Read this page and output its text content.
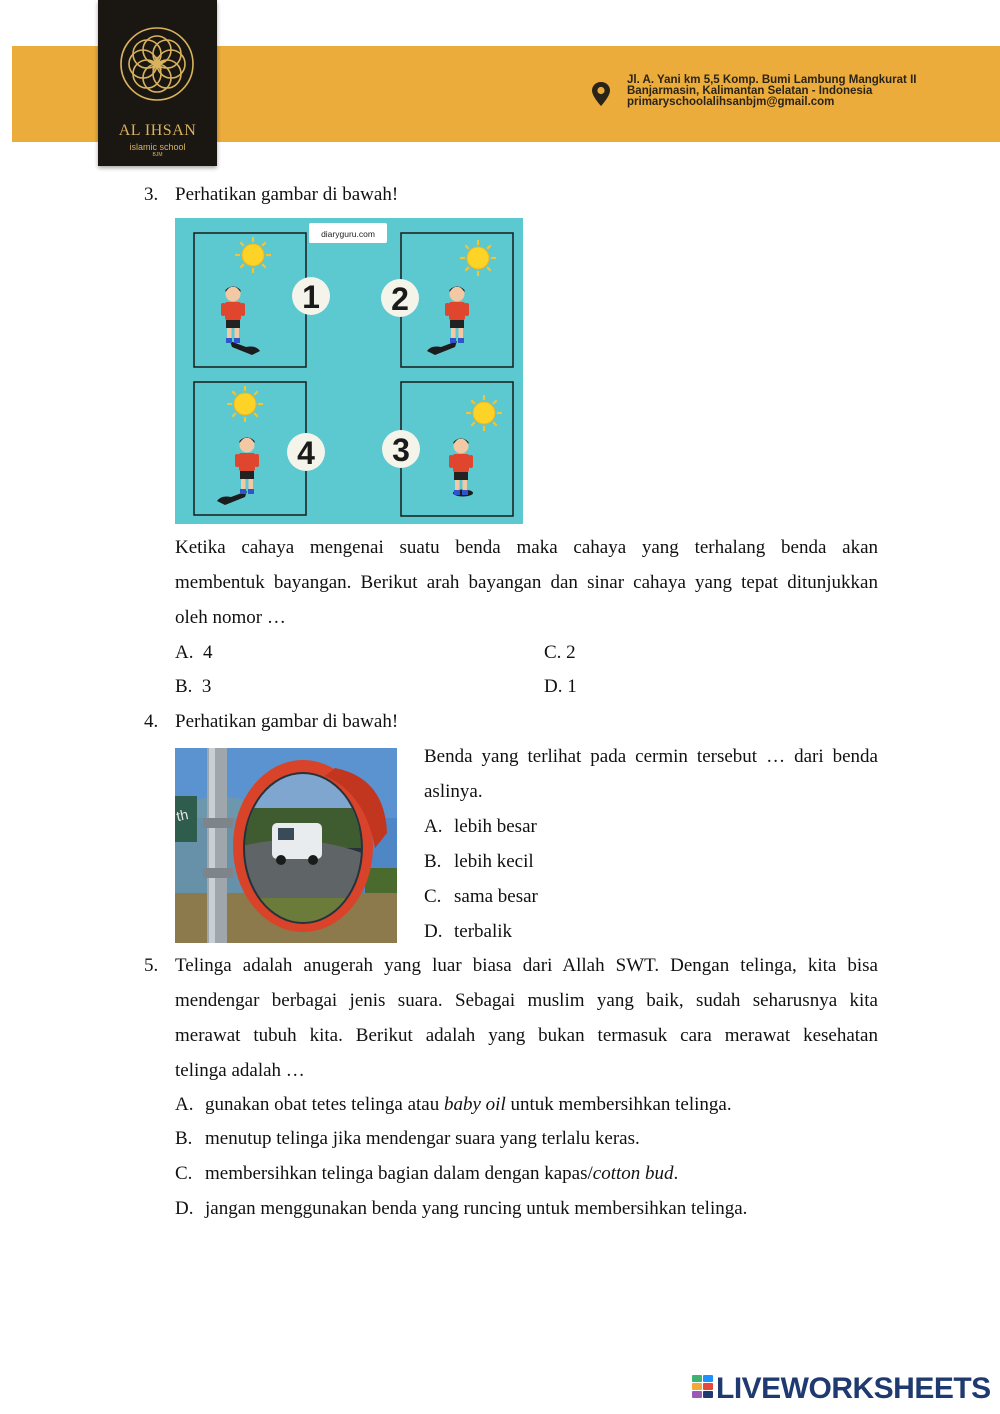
AL IHSAN
islamic school
BJM
Jl. A. Yani km 5,5 Komp. Bumi Lambung Mangkurat II
Banjarmasin, Kalimantan Selatan - Indonesia
primaryschoolalihsanbjm@gmail.com
3. Perhatikan gambar di bawah!
diaryguru.com
1 2
4 3
Ketika cahaya mengenai suatu benda maka cahaya yang terhalang benda akan
membentuk bayangan. Berikut arah bayangan dan sinar cahaya yang tepat ditunjukkan
oleh nomor …
A.  4	C. 2
B.  3	D. 1
4. Perhatikan gambar di bawah!
th
Benda yang terlihat pada cermin tersebut … dari benda
aslinya.
A. lebih besar
B. lebih kecil
C. sama besar
D. terbalik
5. Telinga adalah anugerah yang luar biasa dari Allah SWT. Dengan telinga, kita bisa
mendengar berbagai jenis suara. Sebagai muslim yang baik, sudah seharusnya kita
merawat tubuh kita. Berikut adalah yang bukan termasuk cara merawat kesehatan
telinga adalah …
A. gunakan obat tetes telinga atau baby oil untuk membersihkan telinga.
B. menutup telinga jika mendengar suara yang terlalu keras.
C. membersihkan telinga bagian dalam dengan kapas/cotton bud.
D. jangan menggunakan benda yang runcing untuk membersihkan telinga.
LIVEWORKSHEETS
